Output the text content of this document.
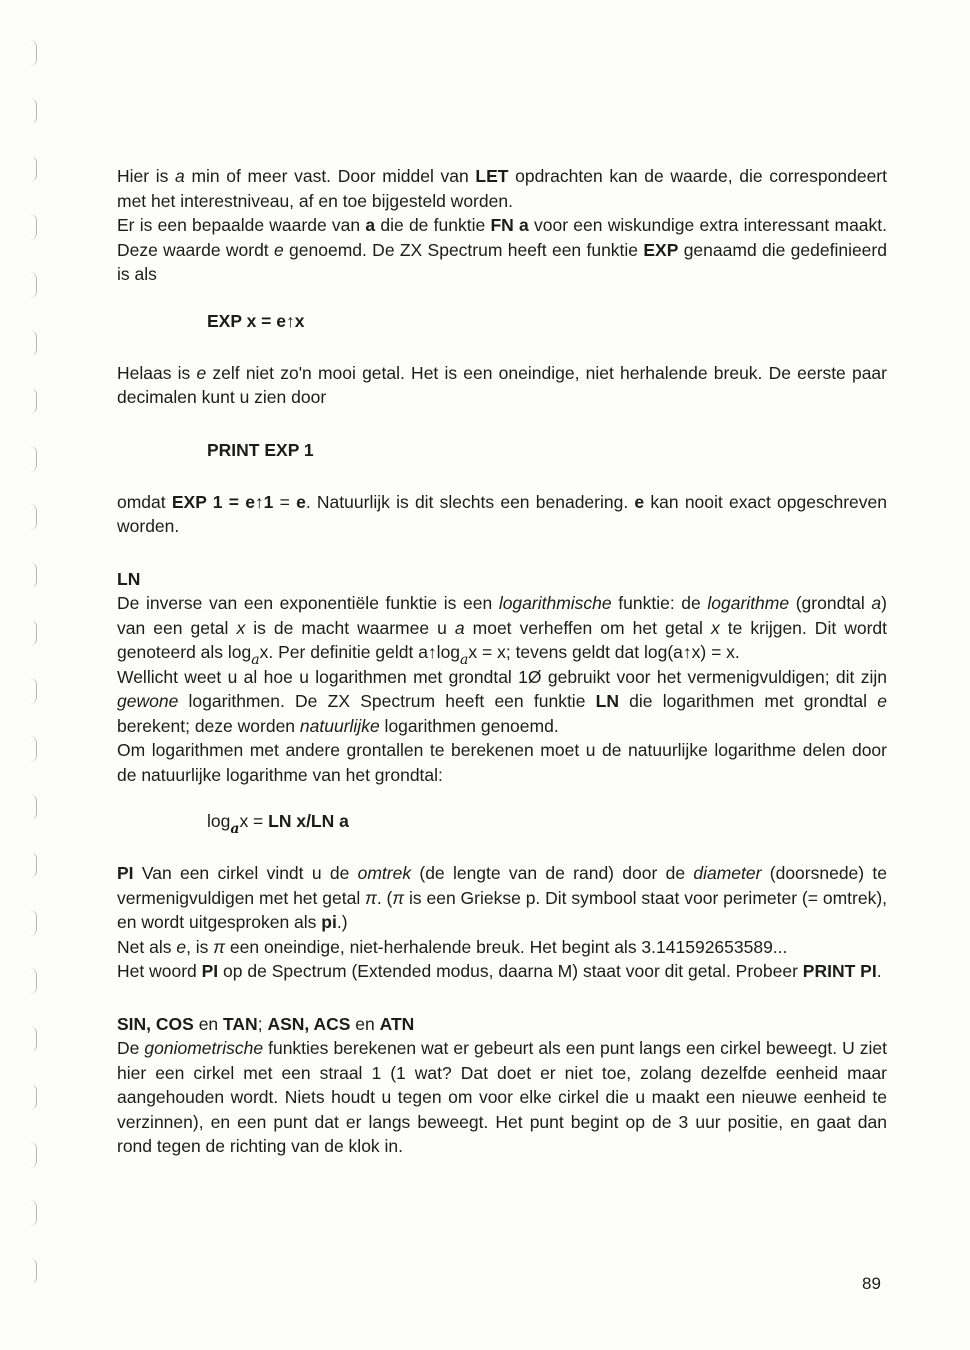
Hier is a min of meer vast. Door middel van LET opdrachten kan de waarde, die correspondeert met het interestniveau, af en toe bijgesteld worden.

Er is een bepaalde waarde van a die de funktie FN a voor een wiskundige extra interessant maakt. Deze waarde wordt e genoemd. De ZX Spectrum heeft een funktie EXP genaamd die gedefinieerd is als

EXP x = e↑x

Helaas is e zelf niet zo'n mooi getal. Het is een oneindige, niet herhalende breuk. De eerste paar decimalen kunt u zien door

PRINT EXP 1

omdat EXP 1 = e↑1 = e. Natuurlijk is dit slechts een benadering. e kan nooit exact opgeschreven worden.

LN

De inverse van een exponentiële funktie is een logarithmische funktie: de logarithme (grondtal a) van een getal x is de macht waarmee u a moet verheffen om het getal x te krijgen. Dit wordt genoteerd als $\log_ax$. Per definitie geldt $a↑\log_ax = x$; tevens geldt dat log(a↑x) = x.

Wellicht weet u al hoe u logarithmen met grondtal 1Ø gebruikt voor het vermenigvuldigen; dit zijn gewone logarithmen. De ZX Spectrum heeft een funktie LN die logarithmen met grondtal e berekent; deze worden natuurlijke logarithmen genoemd.

Om logarithmen met andere grontallen te berekenen moet u de natuurlijke logarithme delen door de natuurlijke logarithme van het grondtal:

$\log_ax$ = LN x/LN a

PI Van een cirkel vindt u de omtrek (de lengte van de rand) door de diameter (doorsnede) te vermenigvuldigen met het getal π. (π is een Griekse p. Dit symbool staat voor perimeter (= omtrek), en wordt uitgesproken als pi.)

Net als e, is π een oneindige, niet-herhalende breuk. Het begint als 3.141592653589...

Het woord PI op de Spectrum (Extended modus, daarna M) staat voor dit getal. Probeer PRINT PI.

SIN, COS en TAN; ASN, ACS en ATN

De goniometrische funkties berekenen wat er gebeurt als een punt langs een cirkel beweegt. U ziet hier een cirkel met een straal 1 (1 wat? Dat doet er niet toe, zolang dezelfde eenheid maar aangehouden wordt. Niets houdt u tegen om voor elke cirkel die u maakt een nieuwe eenheid te verzinnen), en een punt dat er langs beweegt. Het punt begint op de 3 uur positie, en gaat dan rond tegen de richting van de klok in.

89
